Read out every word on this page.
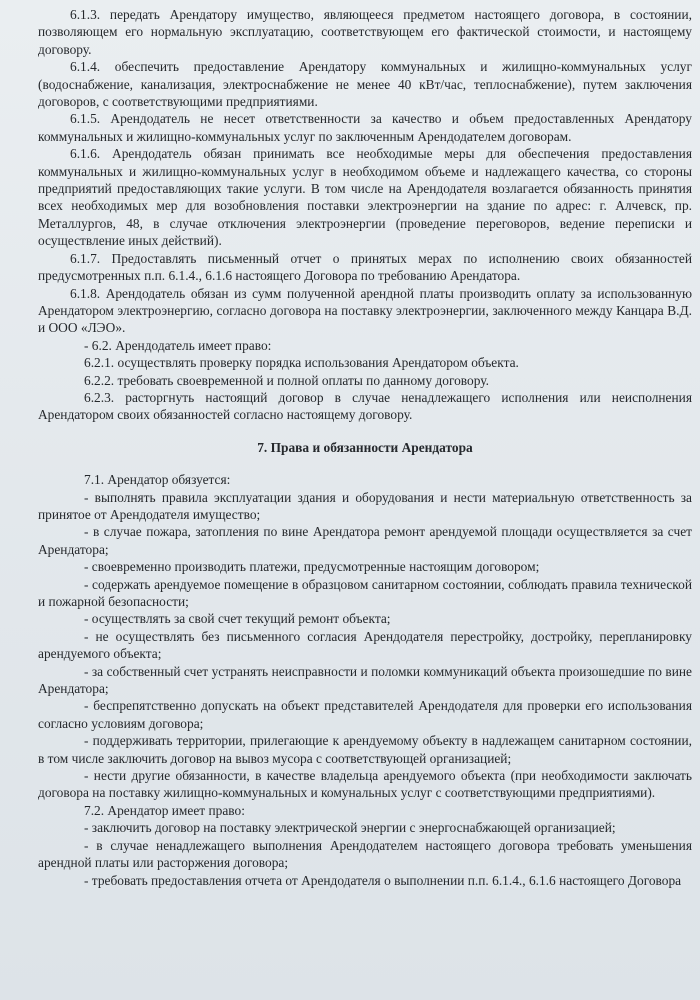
6.1.3. передать Арендатору имущество, являющееся предметом настоящего договора, в состоянии, позволяющем его нормальную эксплуатацию, соответствующем его фактической стоимости, и настоящему договору.

6.1.4. обеспечить предоставление Арендатору коммунальных и жилищно-коммунальных услуг (водоснабжение, канализация, электроснабжение не менее 40 кВт/час, теплоснабжение), путем заключения договоров, с соответствующими предприятиями.

6.1.5. Арендодатель не несет ответственности за качество и объем предоставленных Арендатору коммунальных и жилищно-коммунальных услуг по заключенным Арендодателем договорам.

6.1.6. Арендодатель обязан принимать все необходимые меры для обеспечения предоставления коммунальных и жилищно-коммунальных услуг в необходимом объеме и надлежащего качества, со стороны предприятий предоставляющих такие услуги. В том числе на Арендодателя возлагается обязанность принятия всех необходимых мер для возобновления поставки электроэнергии на здание по адрес: г. Алчевск, пр. Металлургов, 48, в случае отключения электроэнергии (проведение переговоров, ведение переписки и осуществление иных действий).

6.1.7. Предоставлять письменный отчет о принятых мерах по исполнению своих обязанностей предусмотренных п.п. 6.1.4., 6.1.6 настоящего Договора по требованию Арендатора.

6.1.8. Арендодатель обязан из сумм полученной арендной платы производить оплату за использованную Арендатором электроэнергию, согласно договора на поставку электроэнергии, заключенного между Канцара В.Д. и ООО «ЛЭО».

- 6.2. Арендодатель имеет право:

6.2.1. осуществлять проверку порядка использования Арендатором объекта.

6.2.2. требовать своевременной и полной оплаты по данному договору.

6.2.3. расторгнуть настоящий договор в случае ненадлежащего исполнения или неисполнения Арендатором своих обязанностей согласно настоящему договору.

7. Права и обязанности Арендатора

7.1. Арендатор обязуется:

- выполнять правила эксплуатации здания и оборудования и нести материальную ответственность за принятое от Арендодателя имущество;

- в случае пожара, затопления по вине Арендатора ремонт арендуемой площади осуществляется за счет Арендатора;

- своевременно производить платежи, предусмотренные настоящим договором;

- содержать арендуемое помещение в образцовом санитарном состоянии, соблюдать правила технической и пожарной безопасности;

- осуществлять за свой счет текущий ремонт объекта;

- не осуществлять без письменного согласия Арендодателя перестройку, достройку, перепланировку арендуемого объекта;

- за собственный счет устранять неисправности и поломки коммуникаций объекта произошедшие по вине Арендатора;

- беспрепятственно допускать на объект представителей Арендодателя для проверки его использования согласно условиям договора;

- поддерживать территории, прилегающие к арендуемому объекту в надлежащем санитарном состоянии, в том числе заключить договор на вывоз мусора с соответствующей организацией;

- нести другие обязанности, в качестве владельца арендуемого объекта (при необходимости заключать договора на поставку жилищно-коммунальных и комунальных услуг с соответствующими предприятиями).

7.2. Арендатор имеет право:

- заключить договор на поставку электрической энергии с энергоснабжающей организацией;

- в случае ненадлежащего выполнения Арендодателем настоящего договора требовать уменьшения арендной платы или расторжения договора;

- требовать предоставления отчета от Арендодателя о выполнении п.п. 6.1.4., 6.1.6 настоящего Договора
